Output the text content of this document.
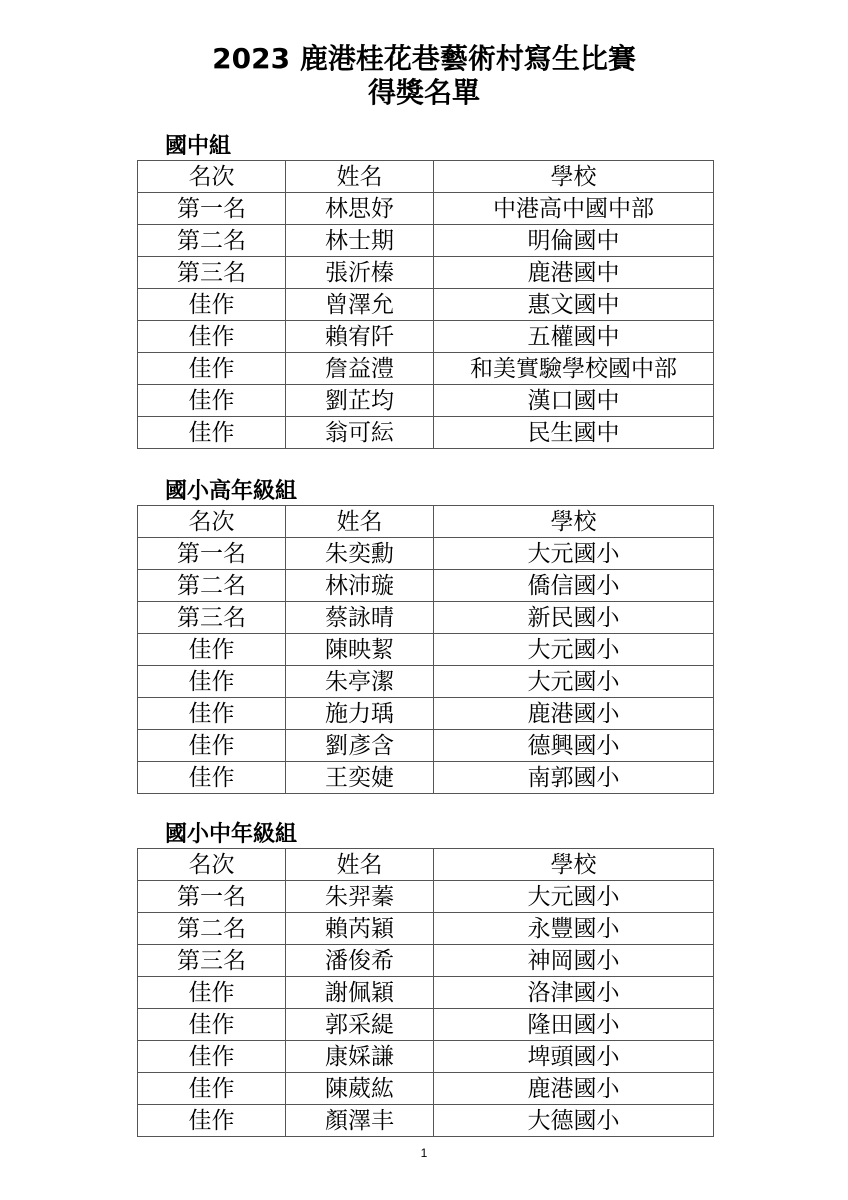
2023 鹿港桂花巷藝術村寫生比賽
得獎名單
國中組
名次	姓名	學校
第一名	林思妤	中港高中國中部
第二名	林士期	明倫國中
第三名	張沂榛	鹿港國中
佳作	曾澤允	惠文國中
佳作	賴宥阡	五權國中
佳作	詹益澧	和美實驗學校國中部
佳作	劉芷均	漢口國中
佳作	翁可紜	民生國中
國小高年級組
名次	姓名	學校
第一名	朱奕勳	大元國小
第二名	林沛璇	僑信國小
第三名	蔡詠晴	新民國小
佳作	陳映絜	大元國小
佳作	朱亭潔	大元國小
佳作	施力瑀	鹿港國小
佳作	劉彥含	德興國小
佳作	王奕婕	南郭國小
國小中年級組
名次	姓名	學校
第一名	朱羿蓁	大元國小
第二名	賴芮穎	永豐國小
第三名	潘俊希	神岡國小
佳作	謝佩穎	洛津國小
佳作	郭采緹	隆田國小
佳作	康婇謙	埤頭國小
佳作	陳葳紘	鹿港國小
佳作	顏澤丰	大德國小
1
